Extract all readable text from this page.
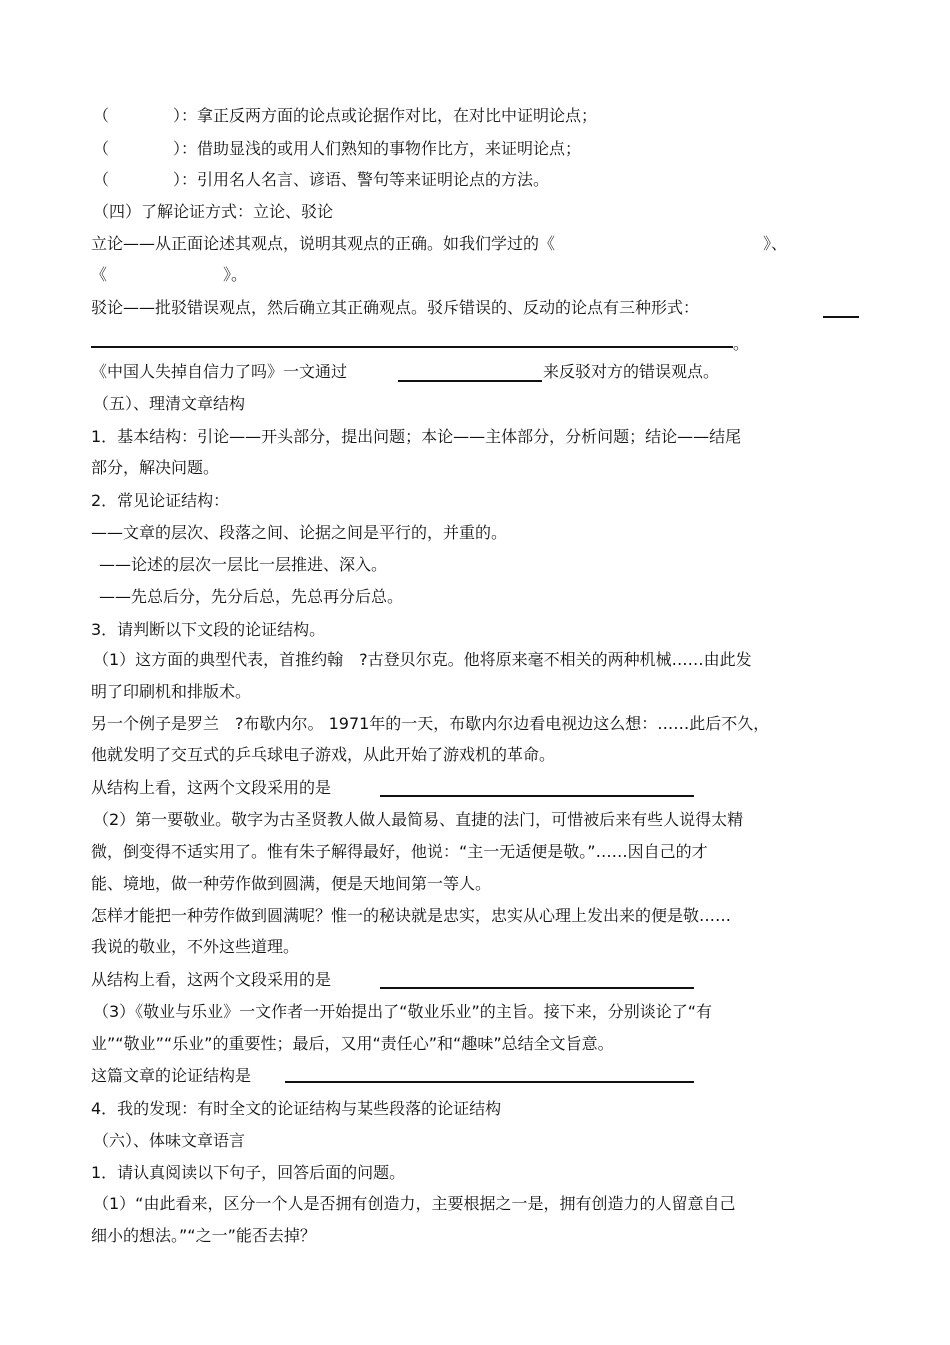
（　　　　）：拿正反两方面的论点或论据作对比，在对比中证明论点；
（　　　　）：借助显浅的或用人们熟知的事物作比方，来证明论点；
（　　　　）：引用名人名言、谚语、警句等来证明论点的方法。
（四）了解论证方式：立论、驳论
立论——从正面论述其观点，说明其观点的正确。如我们学过的《	》、
《	》。
驳论——批驳错误观点，然后确立其正确观点。驳斥错误的、反动的论点有三种形式：
。
《中国人失掉自信力了吗》一文通过	来反驳对方的错误观点。
（五）、理清文章结构
1．基本结构：引论——开头部分，提出问题；本论——主体部分，分析问题；结论——结尾
部分，解决问题。
2．常见论证结构：
——文章的层次、段落之间、论据之间是平行的，并重的。
——论述的层次一层比一层推进、深入。
——先总后分，先分后总，先总再分后总。
3．请判断以下文段的论证结构。
（1）这方面的典型代表，首推约翰　?古登贝尔克。他将原来毫不相关的两种机械……由此发
明了印刷机和排版术。
另一个例子是罗兰　?布歇内尔。 1971年的一天，布歇内尔边看电视边这么想：……此后不久，
他就发明了交互式的乒乓球电子游戏，从此开始了游戏机的革命。
从结构上看，这两个文段采用的是
（2）第一要敬业。敬字为古圣贤教人做人最简易、直捷的法门，可惜被后来有些人说得太精
微，倒变得不适实用了。惟有朱子解得最好，他说：“主一无适便是敬。”……因自己的才
能、境地，做一种劳作做到圆满，便是天地间第一等人。
怎样才能把一种劳作做到圆满呢？惟一的秘诀就是忠实，忠实从心理上发出来的便是敬……
我说的敬业，不外这些道理。
从结构上看，这两个文段采用的是
（3）《敬业与乐业》一文作者一开始提出了“敬业乐业”的主旨。接下来，分别谈论了“有
业”“敬业”“乐业”的重要性；最后，又用“责任心”和“趣味”总结全文旨意。
这篇文章的论证结构是
4．我的发现：有时全文的论证结构与某些段落的论证结构
（六）、体味文章语言
1．请认真阅读以下句子，回答后面的问题。
（1）“由此看来，区分一个人是否拥有创造力，主要根据之一是，拥有创造力的人留意自己
细小的想法。”“之一”能否去掉？
